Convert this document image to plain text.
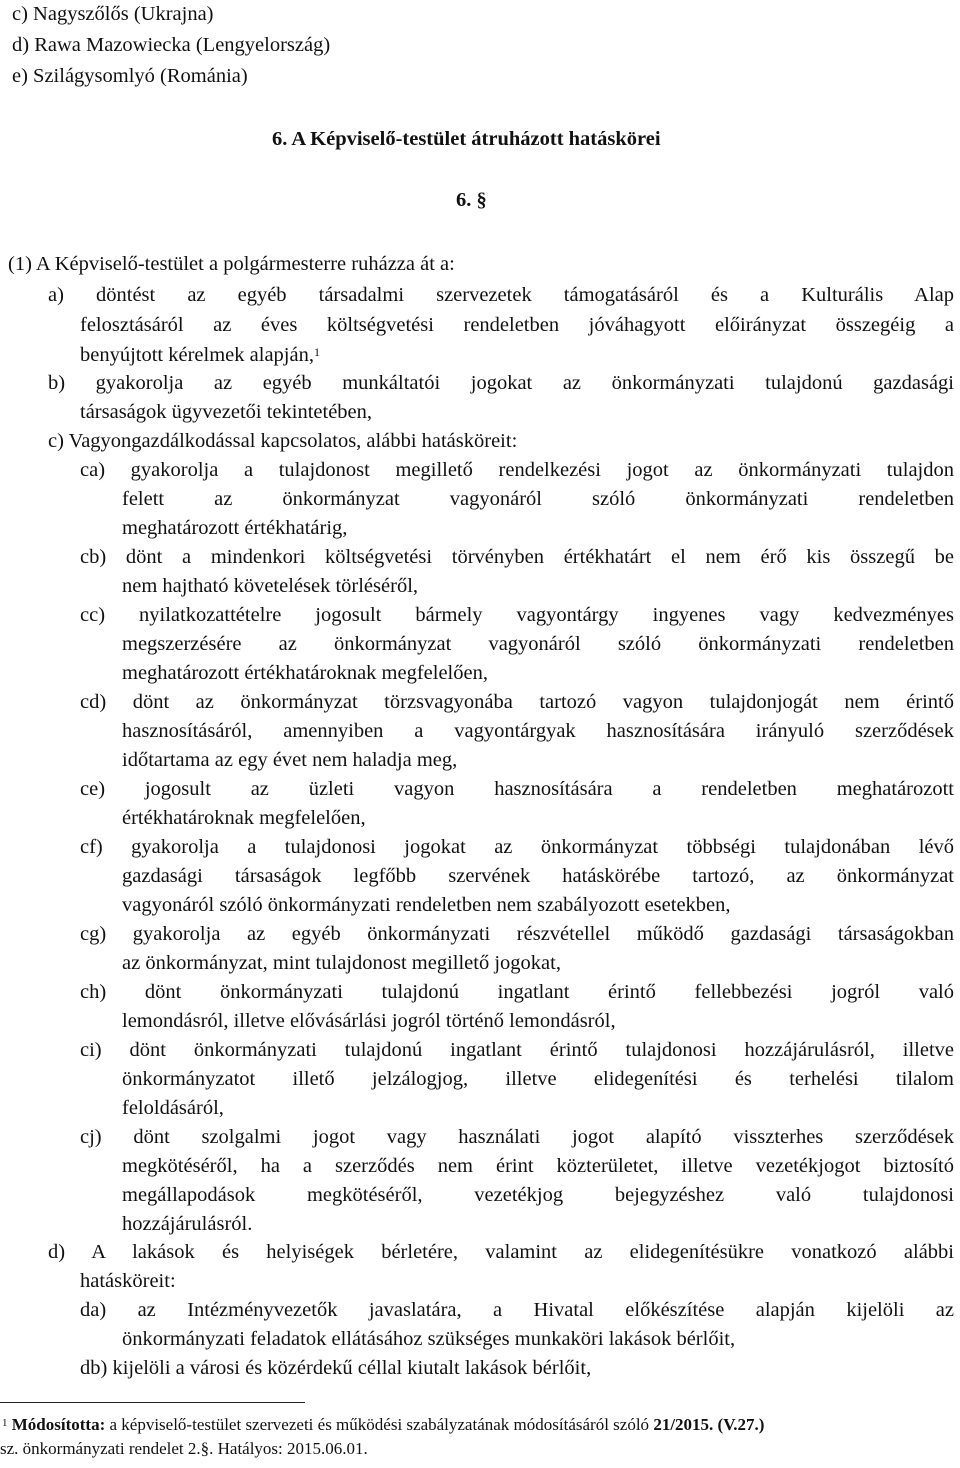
c) Nagyszőlős (Ukrajna)
d) Rawa Mazowiecka (Lengyelország)
e) Szilágysomlyó (Románia)
6. A Képviselő-testület átruházott hatáskörei
6. §
(1) A Képviselő-testület a polgármesterre ruházza át a:
a) döntést az egyéb társadalmi szervezetek támogatásáról és a Kulturális Alap
felosztásáról az éves költségvetési rendeletben jóváhagyott előirányzat összegéig a
benyújtott kérelmek alapján,$^1$
b) gyakorolja az egyéb munkáltatói jogokat az önkormányzati tulajdonú gazdasági
társaságok ügyvezetői tekintetében,
c) Vagyongazdálkodással kapcsolatos, alábbi hatásköreit:
ca) gyakorolja a tulajdonost megillető rendelkezési jogot az önkormányzati tulajdon
felett az önkormányzat vagyonáról szóló önkormányzati rendeletben
meghatározott értékhatárig,
cb) dönt a mindenkori költségvetési törvényben értékhatárt el nem érő kis összegű be
nem hajtható követelések törléséről,
cc) nyilatkozattételre jogosult bármely vagyontárgy ingyenes vagy kedvezményes
megszerzésére az önkormányzat vagyonáról szóló önkormányzati rendeletben
meghatározott értékhatároknak megfelelően,
cd) dönt az önkormányzat törzsvagyonába tartozó vagyon tulajdonjogát nem érintő
hasznosításáról, amennyiben a vagyontárgyak hasznosítására irányuló szerződések
időtartama az egy évet nem haladja meg,
ce) jogosult az üzleti vagyon hasznosítására a rendeletben meghatározott
értékhatároknak megfelelően,
cf) gyakorolja a tulajdonosi jogokat az önkormányzat többségi tulajdonában lévő
gazdasági társaságok legfőbb szervének hatáskörébe tartozó, az önkormányzat
vagyonáról szóló önkormányzati rendeletben nem szabályozott esetekben,
cg) gyakorolja az egyéb önkormányzati részvétellel működő gazdasági társaságokban
az önkormányzat, mint tulajdonost megillető jogokat,
ch) dönt önkormányzati tulajdonú ingatlant érintő fellebbezési jogról való
lemondásról, illetve elővásárlási jogról történő lemondásról,
ci) dönt önkormányzati tulajdonú ingatlant érintő tulajdonosi hozzájárulásról, illetve
önkormányzatot illető jelzálogjog, illetve elidegenítési és terhelési tilalom
feloldásáról,
cj) dönt szolgalmi jogot vagy használati jogot alapító visszterhes szerződések
megkötéséről, ha a szerződés nem érint közterületet, illetve vezetékjogot biztosító
megállapodások megkötéséről, vezetékjog bejegyzéshez való tulajdonosi
hozzájárulásról.
d) A lakások és helyiségek bérletére, valamint az elidegenítésükre vonatkozó alábbi
hatásköreit:
da) az Intézményvezetők javaslatára, a Hivatal előkészítése alapján kijelöli az
önkormányzati feladatok ellátásához szükséges munkaköri lakások bérlőit,
db) kijelöli a városi és közérdekű céllal kiutalt lakások bérlőit,
$^1$ Módosította: a képviselő-testület szervezeti és működési szabályzatának módosításáról szóló 21/2015. (V.27.)
sz. önkormányzati rendelet 2.§. Hatályos: 2015.06.01.
